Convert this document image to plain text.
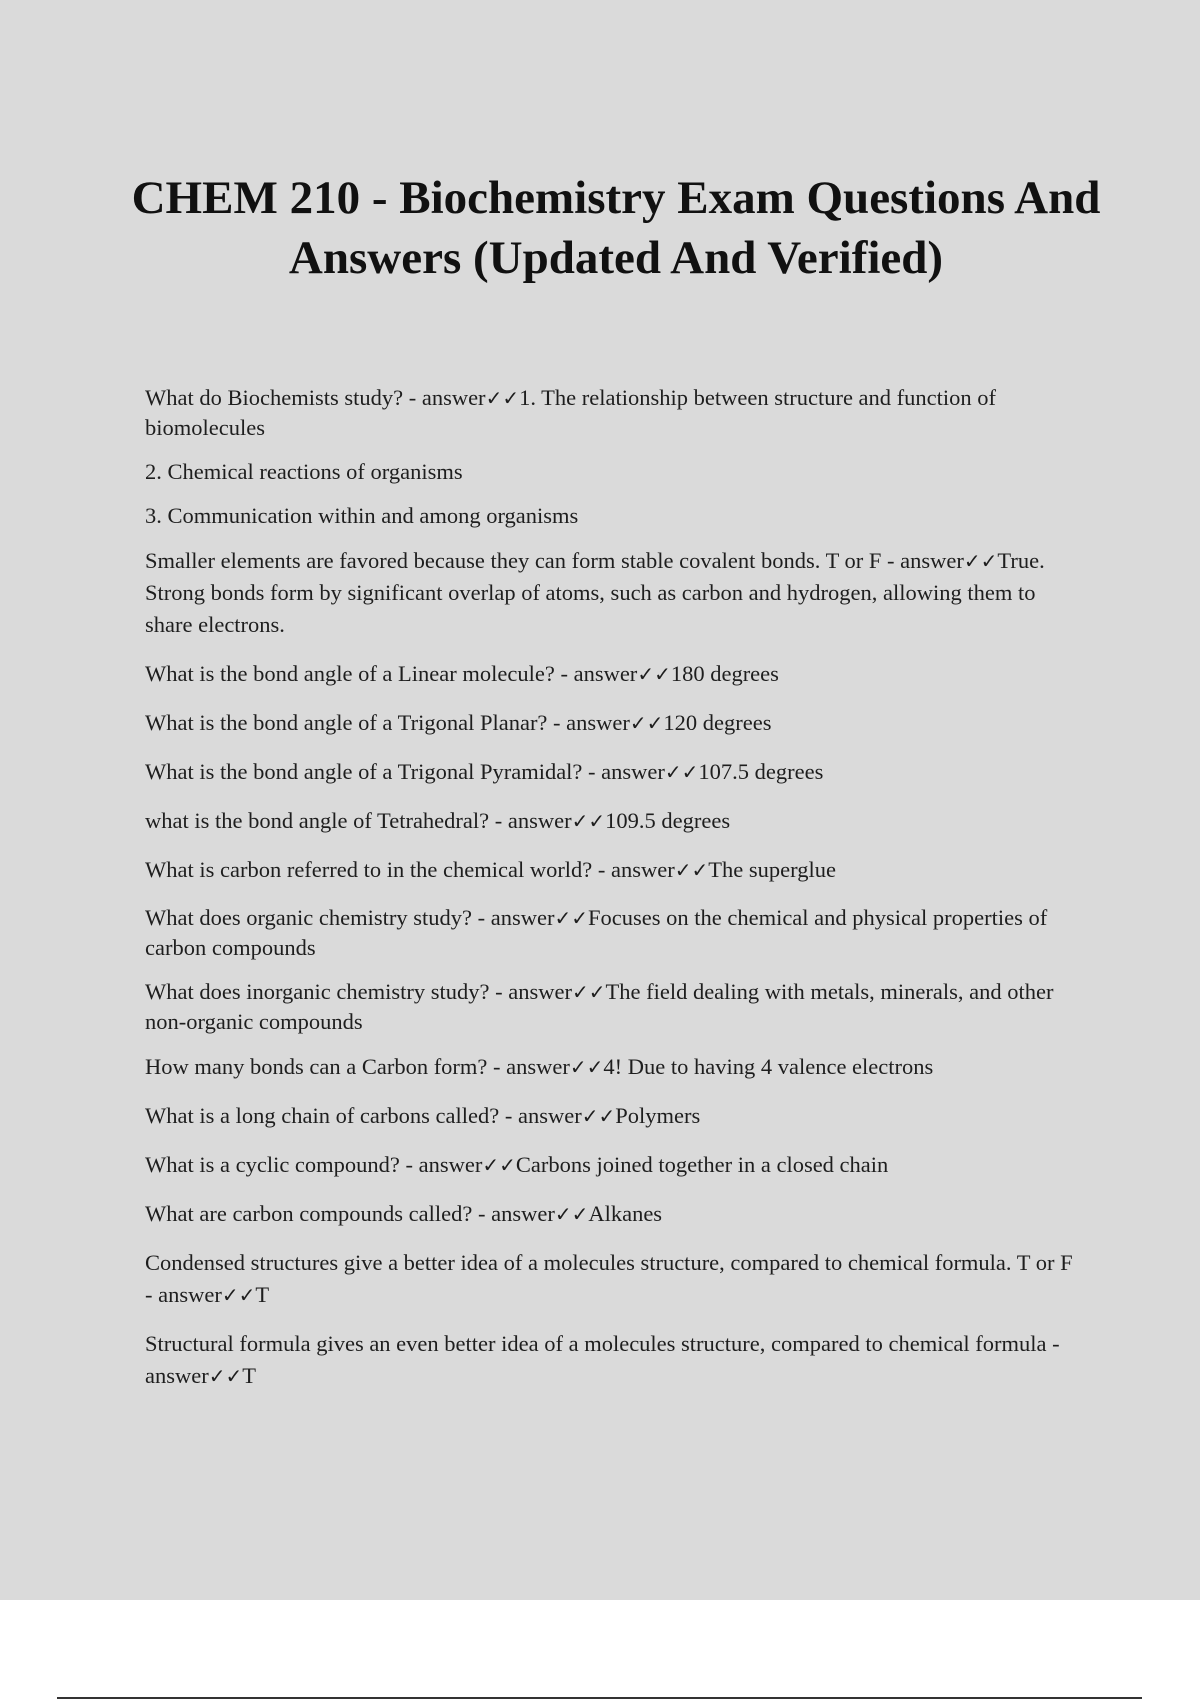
CHEM 210 - Biochemistry Exam Questions And Answers (Updated And Verified)

What do Biochemists study? - answer✓✓1. The relationship between structure and function of biomolecules

2. Chemical reactions of organisms

3. Communication within and among organisms

Smaller elements are favored because they can form stable covalent bonds. T or F - answer✓✓True. Strong bonds form by significant overlap of atoms, such as carbon and hydrogen, allowing them to share electrons.

What is the bond angle of a Linear molecule? - answer✓✓180 degrees

What is the bond angle of a Trigonal Planar? - answer✓✓120 degrees

What is the bond angle of a Trigonal Pyramidal? - answer✓✓107.5 degrees

what is the bond angle of Tetrahedral? - answer✓✓109.5 degrees

What is carbon referred to in the chemical world? - answer✓✓The superglue

What does organic chemistry study? - answer✓✓Focuses on the chemical and physical properties of carbon compounds

What does inorganic chemistry study? - answer✓✓The field dealing with metals, minerals, and other non-organic compounds

How many bonds can a Carbon form? - answer✓✓4! Due to having 4 valence electrons

What is a long chain of carbons called? - answer✓✓Polymers

What is a cyclic compound? - answer✓✓Carbons joined together in a closed chain

What are carbon compounds called? - answer✓✓Alkanes

Condensed structures give a better idea of a molecules structure, compared to chemical formula. T or F - answer✓✓T

Structural formula gives an even better idea of a molecules structure, compared to chemical formula - answer✓✓T
